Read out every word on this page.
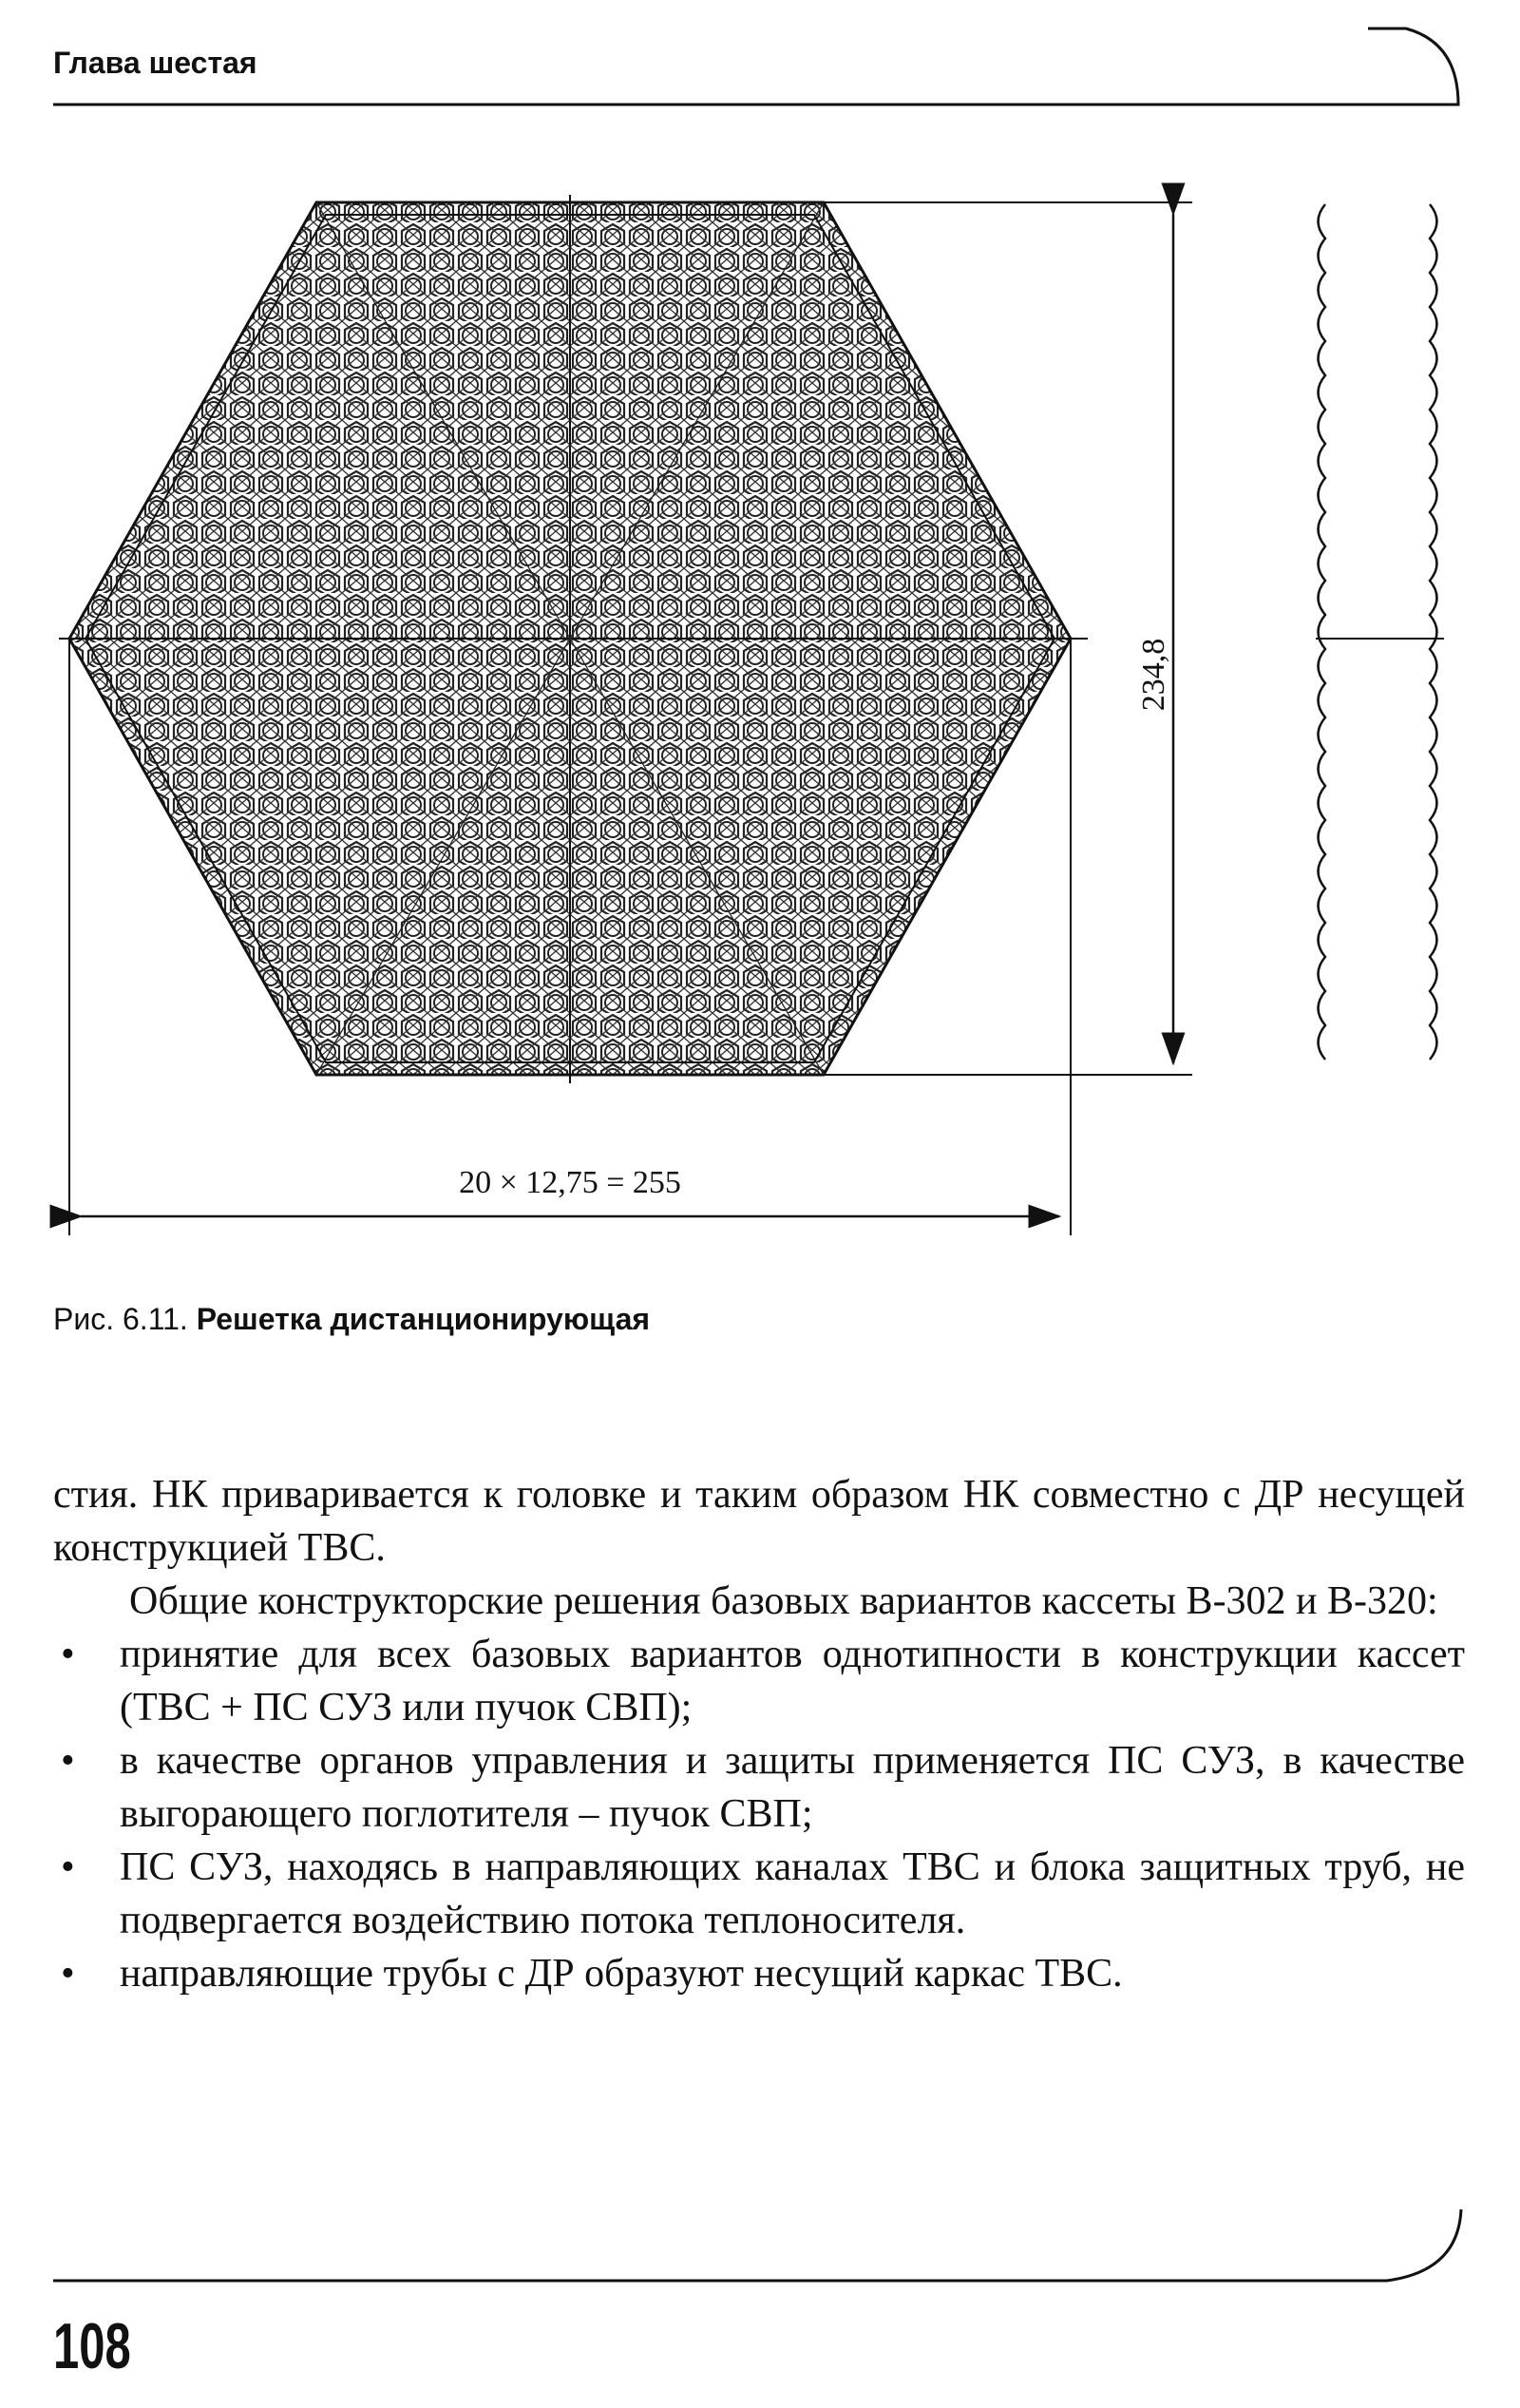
Глава шестая
234,8
20 × 12,75 = 255
Рис. 6.11. Решетка дистанционирующая

стия. НК приваривается к головке и таким образом НК совместно с ДР несущей конструкцией ТВС.

Общие конструкторские решения базовых вариантов кассеты В-302 и В-320:

• принятие для всех базовых вариантов однотипности в конструкции кассет (ТВС + ПС СУЗ или пучок СВП);
• в качестве органов управления и защиты применяется ПС СУЗ, в качестве выгорающего поглотителя – пучок СВП;
• ПС СУЗ, находясь в направляющих каналах ТВС и блока защитных труб, не подвергается воздействию потока теплоносителя.
• направляющие трубы с ДР образуют несущий каркас ТВС.
108
